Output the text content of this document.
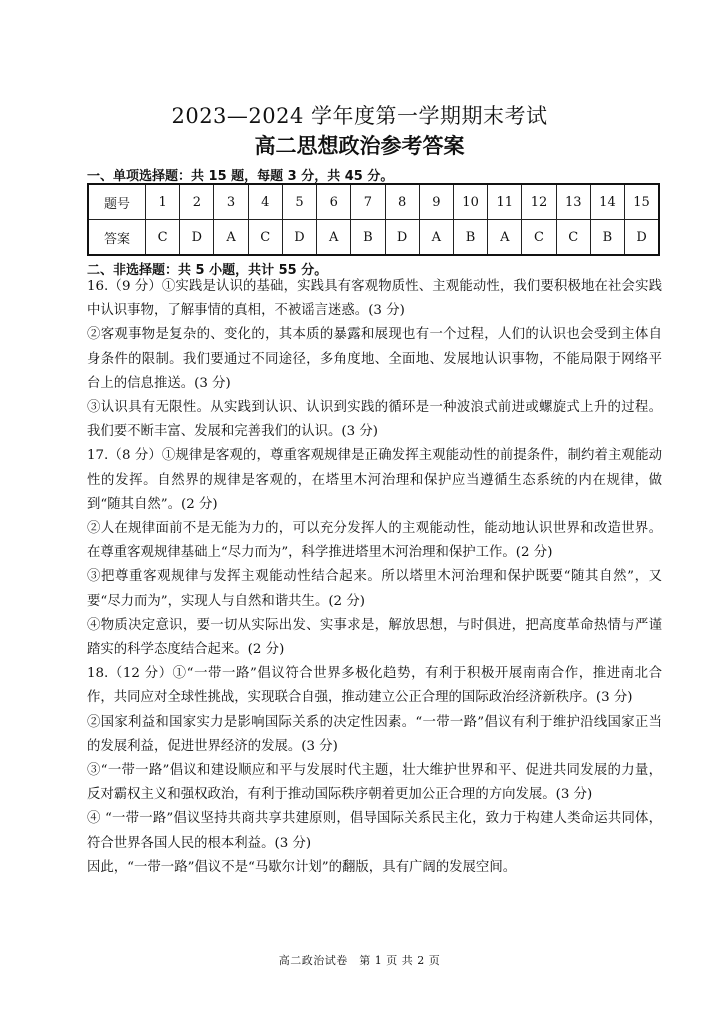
2023—2024 学年度第一学期期末考试
高二思想政治参考答案
一、单项选择题：共 15 题，每题 3 分，共 45 分。
题号	1	2	3	4	5	6	7	8	9	10	11	12	13	14	15
答案	C	D	A	C	D	A	B	D	A	B	A	C	C	B	D
二、非选择题：共 5 小题，共计 55 分。

16.（9 分）①实践是认识的基础，实践具有客观物质性、主观能动性，我们要积极地在社会实践中认识事物，了解事情的真相，不被谣言迷惑。(3 分)

②客观事物是复杂的、变化的，其本质的暴露和展现也有一个过程，人们的认识也会受到主体自身条件的限制。我们要通过不同途径，多角度地、全面地、发展地认识事物，不能局限于网络平台上的信息推送。(3 分)

③认识具有无限性。从实践到认识、认识到实践的循环是一种波浪式前进或螺旋式上升的过程。我们要不断丰富、发展和完善我们的认识。(3 分)

17.（8 分）①规律是客观的，尊重客观规律是正确发挥主观能动性的前提条件，制约着主观能动性的发挥。自然界的规律是客观的，在塔里木河治理和保护应当遵循生态系统的内在规律，做到“随其自然”。(2 分)

②人在规律面前不是无能为力的，可以充分发挥人的主观能动性，能动地认识世界和改造世界。在尊重客观规律基础上“尽力而为”，科学推进塔里木河治理和保护工作。(2 分)

③把尊重客观规律与发挥主观能动性结合起来。所以塔里木河治理和保护既要“随其自然”，又要“尽力而为”，实现人与自然和谐共生。(2 分)

④物质决定意识，要一切从实际出发、实事求是，解放思想，与时俱进，把高度革命热情与严谨踏实的科学态度结合起来。(2 分)

18.（12 分）①“一带一路”倡议符合世界多极化趋势，有利于积极开展南南合作，推进南北合作，共同应对全球性挑战，实现联合自强，推动建立公正合理的国际政治经济新秩序。(3 分)

②国家利益和国家实力是影响国际关系的决定性因素。“一带一路”倡议有利于维护沿线国家正当的发展利益，促进世界经济的发展。(3 分)

③“一带一路”倡议和建设顺应和平与发展时代主题，壮大维护世界和平、促进共同发展的力量，反对霸权主义和强权政治，有利于推动国际秩序朝着更加公正合理的方向发展。(3 分)

④ “一带一路”倡议坚持共商共享共建原则，倡导国际关系民主化，致力于构建人类命运共同体，符合世界各国人民的根本利益。(3 分)

因此，“一带一路”倡议不是“马歇尔计划”的翻版，具有广阔的发展空间。

高二政治试卷　第 1 页 共 2 页
